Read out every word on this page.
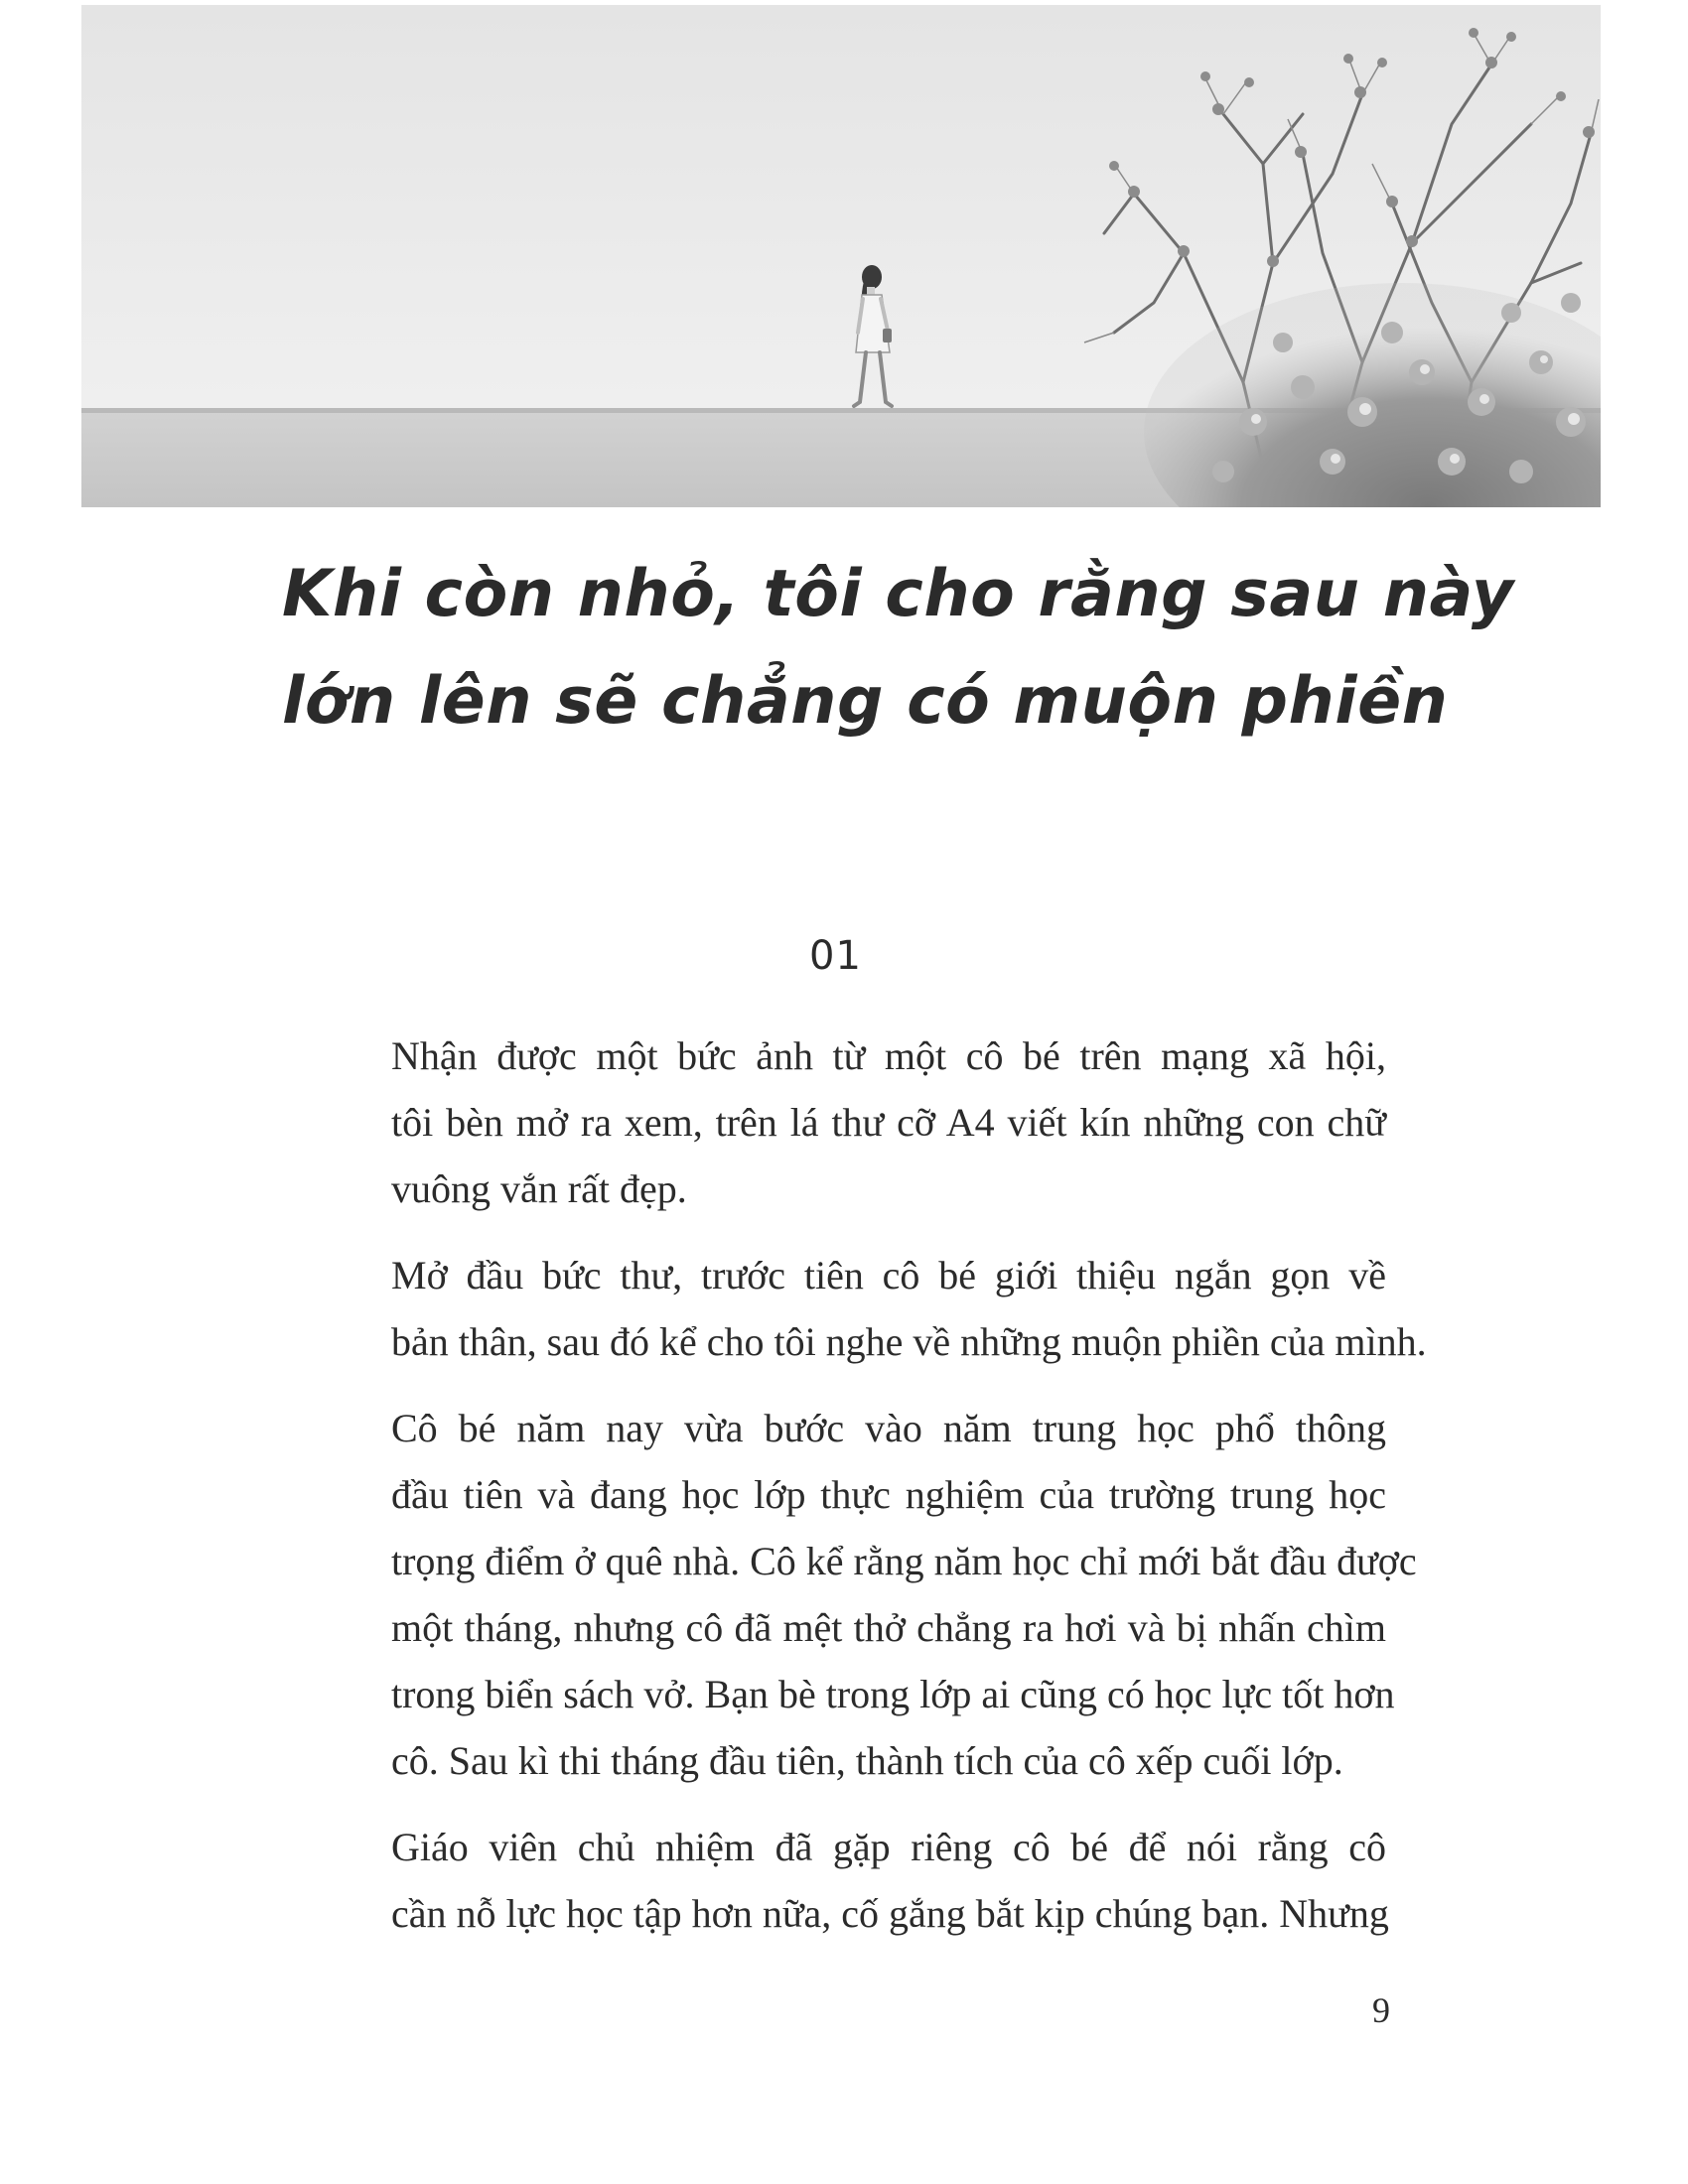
Khi còn nhỏ, tôi cho rằng sau này
lớn lên sẽ chẳng có muộn phiền
01

Nhận được một bức ảnh từ một cô bé trên mạng xã hội,
tôi bèn mở ra xem, trên lá thư cỡ A4 viết kín những con chữ
vuông vắn rất đẹp.

Mở đầu bức thư, trước tiên cô bé giới thiệu ngắn gọn về
bản thân, sau đó kể cho tôi nghe về những muộn phiền của mình.

Cô bé năm nay vừa bước vào năm trung học phổ thông
đầu tiên và đang học lớp thực nghiệm của trường trung học
trọng điểm ở quê nhà. Cô kể rằng năm học chỉ mới bắt đầu được
một tháng, nhưng cô đã mệt thở chẳng ra hơi và bị nhấn chìm
trong biển sách vở. Bạn bè trong lớp ai cũng có học lực tốt hơn
cô. Sau kì thi tháng đầu tiên, thành tích của cô xếp cuối lớp.

Giáo viên chủ nhiệm đã gặp riêng cô bé để nói rằng cô
cần nỗ lực học tập hơn nữa, cố gắng bắt kịp chúng bạn. Nhưng

9
